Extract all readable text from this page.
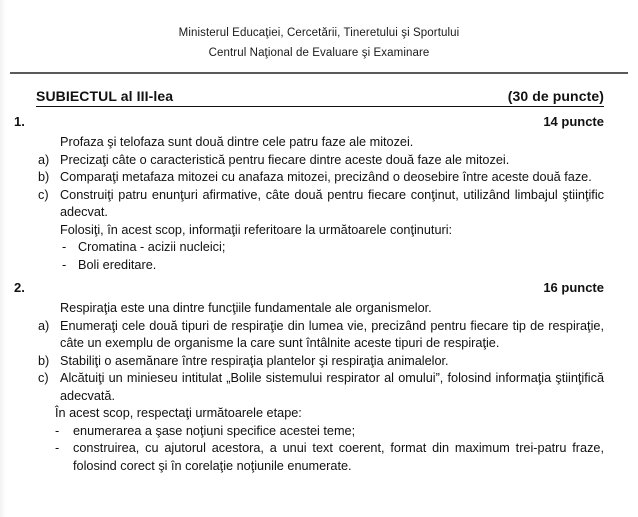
Ministerul Educaţiei, Cercetării, Tineretului şi Sportului
Centrul Naţional de Evaluare şi Examinare
SUBIECTUL al III-lea	(30 de puncte)
1.	14 puncte

Profaza şi telofaza sunt două dintre cele patru faze ale mitozei.

a) Precizaţi câte o caracteristică pentru fiecare dintre aceste două faze ale mitozei.
b) Comparaţi metafaza mitozei cu anafaza mitozei, precizând o deosebire între aceste două faze.
c) Construiţi patru enunţuri afirmative, câte două pentru fiecare conţinut, utilizând limbajul ştiinţific adecvat.
Folosiţi, în acest scop, informaţii referitoare la următoarele conţinuturi:
- Cromatina - acizii nucleici;
- Boli ereditare.
2.	16 puncte

Respiraţia este una dintre funcţiile fundamentale ale organismelor.

a) Enumeraţi cele două tipuri de respiraţie din lumea vie, precizând pentru fiecare tip de respiraţie, câte un exemplu de organisme la care sunt întâlnite aceste tipuri de respiraţie.
b) Stabiliţi o asemănare între respiraţia plantelor şi respiraţia animalelor.
c) Alcătuiţi un minieseu intitulat „Bolile sistemului respirator al omului”, folosind informaţia ştiinţifică adecvată.
În acest scop, respectaţi următoarele etape:
- enumerarea a şase noţiuni specifice acestei teme;
- construirea, cu ajutorul acestora, a unui text coerent, format din maximum trei-patru fraze, folosind corect şi în corelaţie noţiunile enumerate.
